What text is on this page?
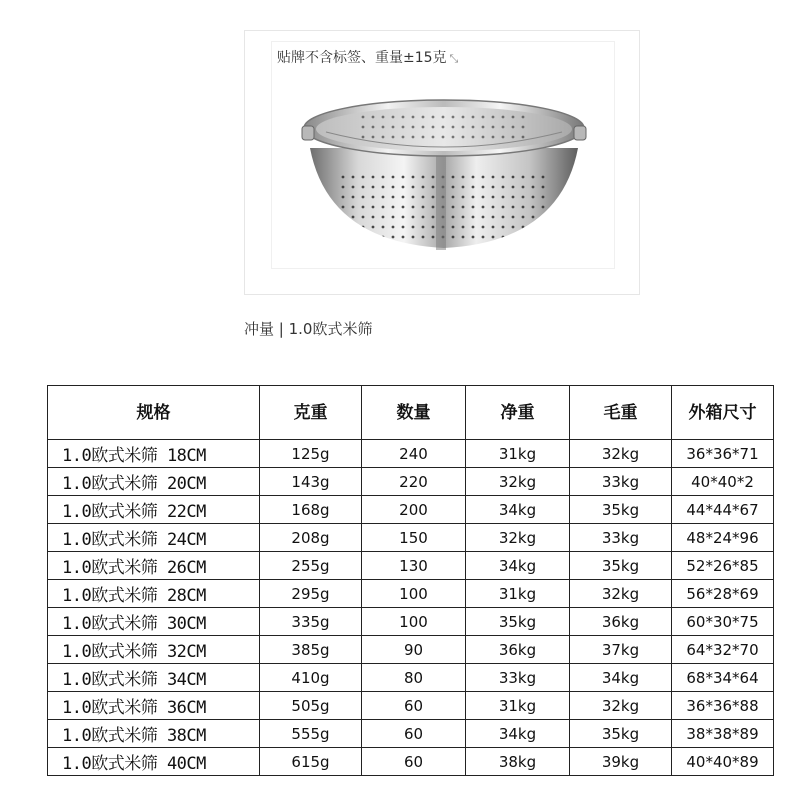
贴牌不含标签、重量±15克 ⤡
冲量 | 1.0欧式米筛
规格	克重	数量	净重	毛重	外箱尺寸
1.0欧式米筛 18CM	125g	240	31kg	32kg	36*36*71
1.0欧式米筛 20CM	143g	220	32kg	33kg	40*40*2
1.0欧式米筛 22CM	168g	200	34kg	35kg	44*44*67
1.0欧式米筛 24CM	208g	150	32kg	33kg	48*24*96
1.0欧式米筛 26CM	255g	130	34kg	35kg	52*26*85
1.0欧式米筛 28CM	295g	100	31kg	32kg	56*28*69
1.0欧式米筛 30CM	335g	100	35kg	36kg	60*30*75
1.0欧式米筛 32CM	385g	90	36kg	37kg	64*32*70
1.0欧式米筛 34CM	410g	80	33kg	34kg	68*34*64
1.0欧式米筛 36CM	505g	60	31kg	32kg	36*36*88
1.0欧式米筛 38CM	555g	60	34kg	35kg	38*38*89
1.0欧式米筛 40CM	615g	60	38kg	39kg	40*40*89
